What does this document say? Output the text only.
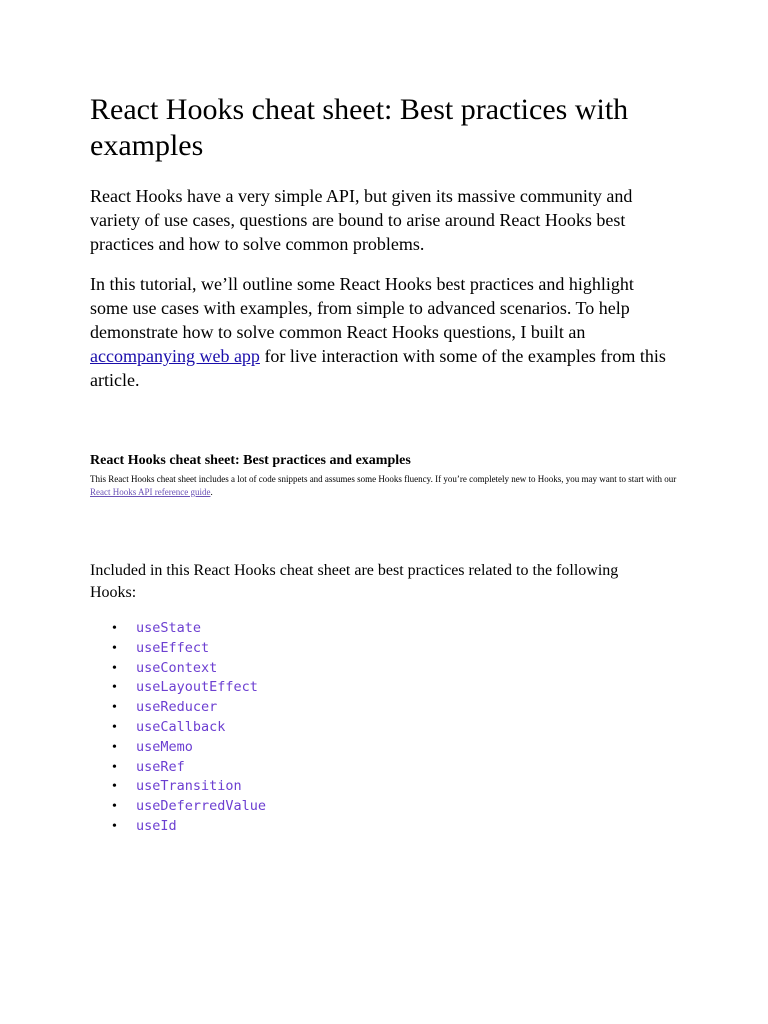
React Hooks cheat sheet: Best practices with examples

React Hooks have a very simple API, but given its massive community and variety of use cases, questions are bound to arise around React Hooks best practices and how to solve common problems.

In this tutorial, we’ll outline some React Hooks best practices and highlight some use cases with examples, from simple to advanced scenarios. To help demonstrate how to solve common React Hooks questions, I built an accompanying web app for live interaction with some of the examples from this article.

React Hooks cheat sheet: Best practices and examples

This React Hooks cheat sheet includes a lot of code snippets and assumes some Hooks fluency. If you’re completely new to Hooks, you may want to start with our React Hooks API reference guide.

Included in this React Hooks cheat sheet are best practices related to the following Hooks:

• useState
• useEffect
• useContext
• useLayoutEffect
• useReducer
• useCallback
• useMemo
• useRef
• useTransition
• useDeferredValue
• useId
